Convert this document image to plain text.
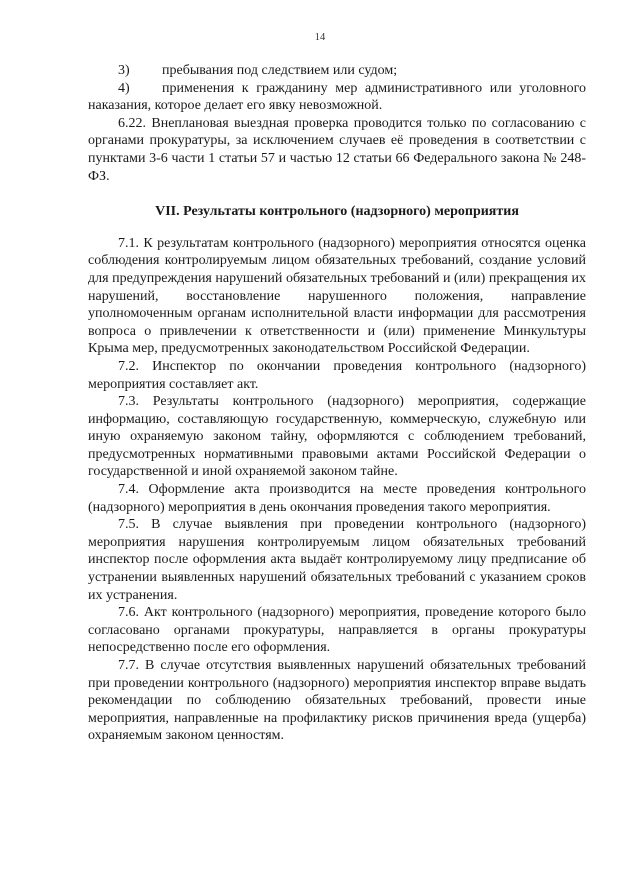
14

3) пребывания под следствием или судом;

4) применения к гражданину мер административного или уголовного наказания, которое делает его явку невозможной.

6.22. Внеплановая выездная проверка проводится только по согласованию с органами прокуратуры, за исключением случаев её проведения в соответствии с пунктами 3-6 части 1 статьи 57 и частью 12 статьи 66 Федерального закона № 248-ФЗ.

VII. Результаты контрольного (надзорного) мероприятия

7.1. К результатам контрольного (надзорного) мероприятия относятся оценка соблюдения контролируемым лицом обязательных требований, создание условий для предупреждения нарушений обязательных требований и (или) прекращения их нарушений, восстановление нарушенного положения, направление уполномоченным органам исполнительной власти информации для рассмотрения вопроса о привлечении к ответственности и (или) применение Минкультуры Крыма мер, предусмотренных законодательством Российской Федерации.

7.2. Инспектор по окончании проведения контрольного (надзорного) мероприятия составляет акт.

7.3. Результаты контрольного (надзорного) мероприятия, содержащие информацию, составляющую государственную, коммерческую, служебную или иную охраняемую законом тайну, оформляются с соблюдением требований, предусмотренных нормативными правовыми актами Российской Федерации о государственной и иной охраняемой законом тайне.

7.4. Оформление акта производится на месте проведения контрольного (надзорного) мероприятия в день окончания проведения такого мероприятия.

7.5. В случае выявления при проведении контрольного (надзорного) мероприятия нарушения контролируемым лицом обязательных требований инспектор после оформления акта выдаёт контролируемому лицу предписание об устранении выявленных нарушений обязательных требований с указанием сроков их устранения.

7.6. Акт контрольного (надзорного) мероприятия, проведение которого было согласовано органами прокуратуры, направляется в органы прокуратуры непосредственно после его оформления.

7.7. В случае отсутствия выявленных нарушений обязательных требований при проведении контрольного (надзорного) мероприятия инспектор вправе выдать рекомендации по соблюдению обязательных требований, провести иные мероприятия, направленные на профилактику рисков причинения вреда (ущерба) охраняемым законом ценностям.
